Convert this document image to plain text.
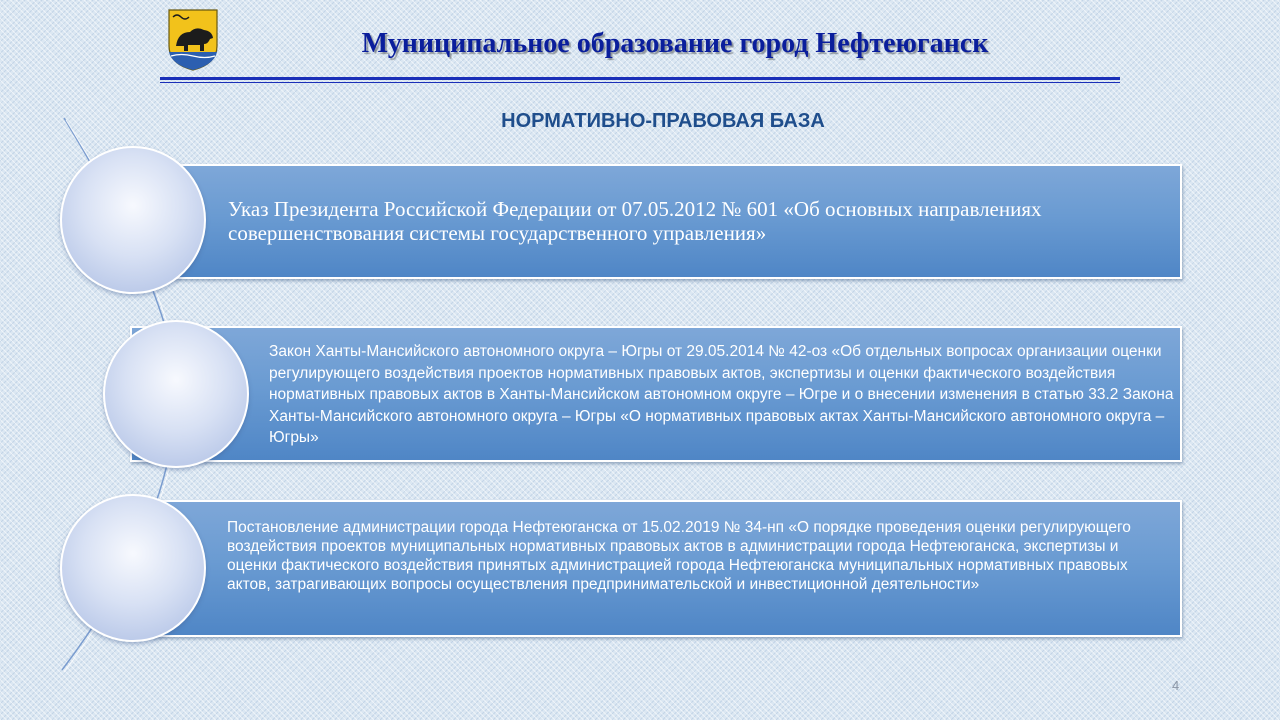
Муниципальное образование город Нефтеюганск
НОРМАТИВНО-ПРАВОВАЯ БАЗА
Указ Президента Российской Федерации от 07.05.2012 № 601 «Об основных направлениях совершенствования системы государственного управления»
Закон Ханты-Мансийского автономного округа – Югры от 29.05.2014 № 42-оз «Об отдельных вопросах организации оценки регулирующего воздействия проектов нормативных правовых актов, экспертизы и оценки фактического воздействия нормативных правовых актов в Ханты-Мансийском автономном округе – Югре и о внесении изменения в статью 33.2 Закона Ханты-Мансийского автономного округа – Югры «О нормативных правовых актах Ханты-Мансийского автономного округа – Югры»
Постановление администрации города Нефтеюганска от 15.02.2019 № 34-нп «О порядке проведения оценки регулирующего воздействия проектов муниципальных нормативных правовых актов в администрации города Нефтеюганска, экспертизы и оценки фактического воздействия принятых администрацией города Нефтеюганска муниципальных нормативных правовых актов, затрагивающих вопросы осуществления предпринимательской и инвестиционной деятельности»
4
